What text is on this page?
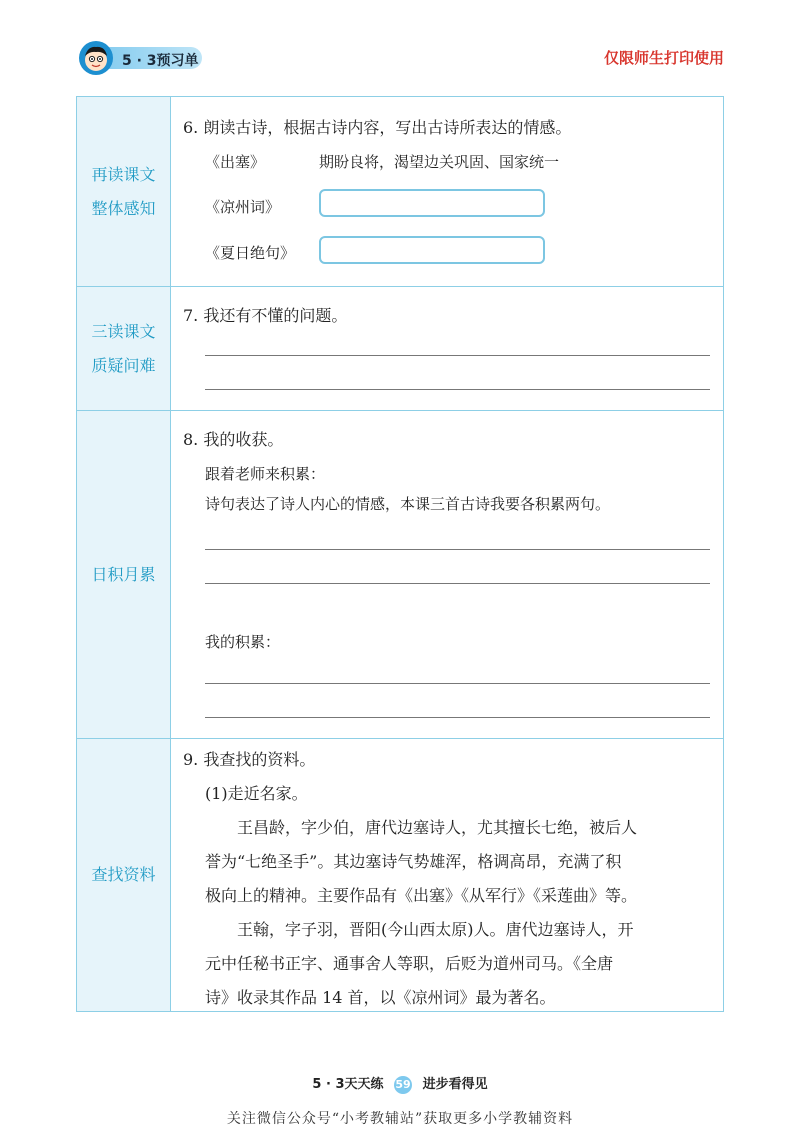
5 · 3预习单	仅限师生打印使用
再读课文
整体感知
6. 朗读古诗，根据古诗内容，写出古诗所表达的情感。
《出塞》	期盼良将，渴望边关巩固、国家统一
《凉州词》
《夏日绝句》
三读课文
质疑问难
7. 我还有不懂的问题。
日积月累
8. 我的收获。
跟着老师来积累：
诗句表达了诗人内心的情感，本课三首古诗我要各积累两句。
我的积累：
查找资料
9. 我查找的资料。
(1)走近名家。
王昌龄，字少伯，唐代边塞诗人，尤其擅长七绝，被后人
誉为“七绝圣手”。其边塞诗气势雄浑，格调高昂，充满了积
极向上的精神。主要作品有《出塞》《从军行》《采莲曲》等。
王翰，字子羽，晋阳(今山西太原)人。唐代边塞诗人，开
元中任秘书正字、通事舍人等职，后贬为道州司马。《全唐
诗》收录其作品 14 首，以《凉州词》最为著名。
5 · 3天天练 59 进步看得见
关注微信公众号“小考教辅站”获取更多小学教辅资料
